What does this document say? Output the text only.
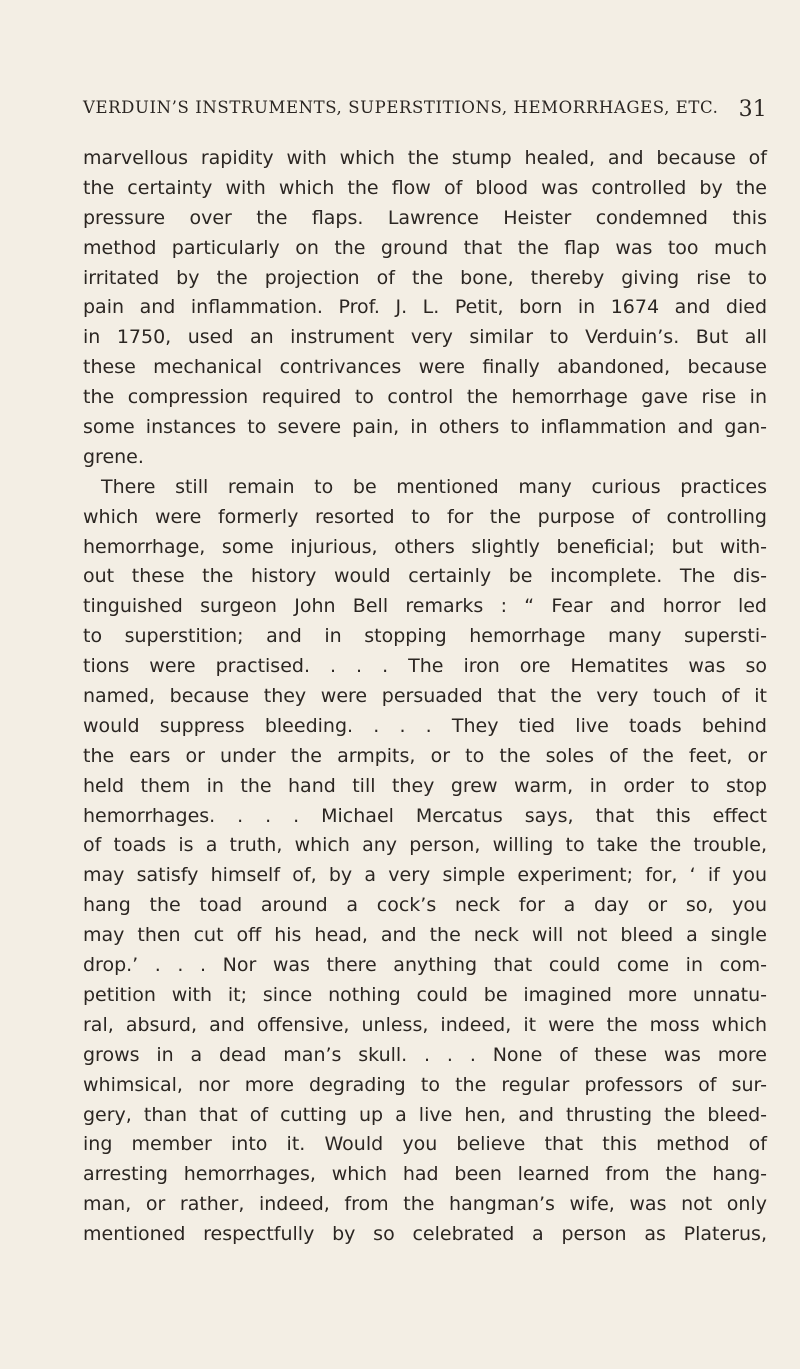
VERDUIN’S INSTRUMENTS, SUPERSTITIONS, HEMORRHAGES, ETC. 31
marvellous rapidity with which the stump healed, and because of
the certainty with which the flow of blood was controlled by the
pressure over the flaps. Lawrence Heister condemned this
method particularly on the ground that the flap was too much
irritated by the projection of the bone, thereby giving rise to
pain and inflammation. Prof. J. L. Petit, born in 1674 and died
in 1750, used an instrument very similar to Verduin’s. But all
these mechanical contrivances were finally abandoned, because
the compression required to control the hemorrhage gave rise in
some instances to severe pain, in others to inflammation and gan-
grene.
There still remain to be mentioned many curious practices
which were formerly resorted to for the purpose of controlling
hemorrhage, some injurious, others slightly beneficial; but with-
out these the history would certainly be incomplete. The dis-
tinguished surgeon John Bell remarks : “ Fear and horror led
to superstition; and in stopping hemorrhage many supersti-
tions were practised. . . . The iron ore Hematites was so
named, because they were persuaded that the very touch of it
would suppress bleeding. . . . They tied live toads behind
the ears or under the armpits, or to the soles of the feet, or
held them in the hand till they grew warm, in order to stop
hemorrhages. . . . Michael Mercatus says, that this effect
of toads is a truth, which any person, willing to take the trouble,
may satisfy himself of, by a very simple experiment; for, ‘ if you
hang the toad around a cock’s neck for a day or so, you
may then cut off his head, and the neck will not bleed a single
drop.’ . . . Nor was there anything that could come in com-
petition with it; since nothing could be imagined more unnatu-
ral, absurd, and offensive, unless, indeed, it were the moss which
grows in a dead man’s skull. . . . None of these was more
whimsical, nor more degrading to the regular professors of sur-
gery, than that of cutting up a live hen, and thrusting the bleed-
ing member into it. Would you believe that this method of
arresting hemorrhages, which had been learned from the hang-
man, or rather, indeed, from the hangman’s wife, was not only
mentioned respectfully by so celebrated a person as Platerus,
